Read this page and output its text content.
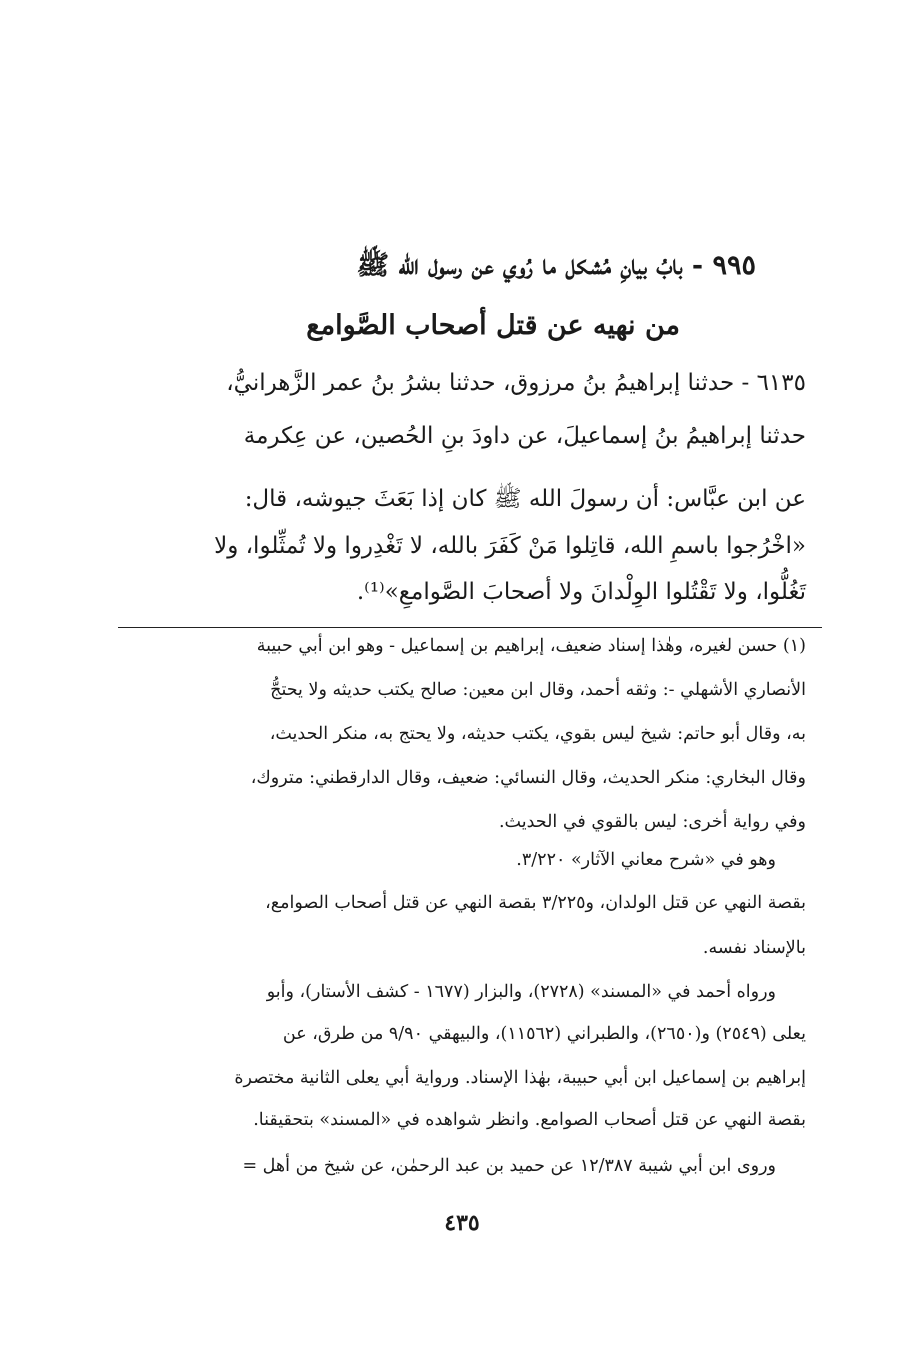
٩٩٥ - بابُ بيانِ مُشكل ما رُوي عن رسول الله ﷺ
من نهيه عن قتل أصحاب الصَّوامع
٦١٣٥ - حدثنا إبراهيمُ بنُ مرزوق، حدثنا بشرُ بنُ عمر الزَّهرانيُّ،
حدثنا إبراهيمُ بنُ إسماعيلَ، عن داودَ بنِ الحُصين، عن عِكرمة
عن ابن عبَّاس: أن رسولَ الله ﷺ كان إذا بَعَثَ جيوشه، قال:
«اخْرُجوا باسمِ الله، قاتِلوا مَنْ كَفَرَ بالله، لا تَغْدِروا ولا تُمثِّلوا، ولا
تَغُلُّوا، ولا تَقْتُلوا الوِلْدانَ ولا أصحابَ الصَّوامعِ»⁽¹⁾.
(١) حسن لغيره، وهٰذا إسناد ضعيف، إبراهيم بن إسماعيل - وهو ابن أبي حبيبة
الأنصاري الأشهلي -: وثقه أحمد، وقال ابن معين: صالح يكتب حديثه ولا يحتجُّ
به، وقال أبو حاتم: شيخ ليس بقوي، يكتب حديثه، ولا يحتج به، منكر الحديث،
وقال البخاري: منكر الحديث، وقال النسائي: ضعيف، وقال الدارقطني: متروك،
وفي رواية أخرى: ليس بالقوي في الحديث.
وهو في «شرح معاني الآثار» ٣/٢٢٠.
بقصة النهي عن قتل الولدان، و٣/٢٢٥ بقصة النهي عن قتل أصحاب الصوامع،
بالإسناد نفسه.
ورواه أحمد في «المسند» (٢٧٢٨)، والبزار (١٦٧٧ - كشف الأستار)، وأبو
يعلى (٢٥٤٩) و(٢٦٥٠)، والطبراني (١١٥٦٢)، والبيهقي ٩/٩٠ من طرق، عن
إبراهيم بن إسماعيل ابن أبي حبيبة، بهٰذا الإسناد. ورواية أبي يعلى الثانية مختصرة
بقصة النهي عن قتل أصحاب الصوامع. وانظر شواهده في «المسند» بتحقيقنا.
وروى ابن أبي شيبة ١٢/٣٨٧ عن حميد بن عبد الرحمٰن، عن شيخ من أهل =
٤٣٥
